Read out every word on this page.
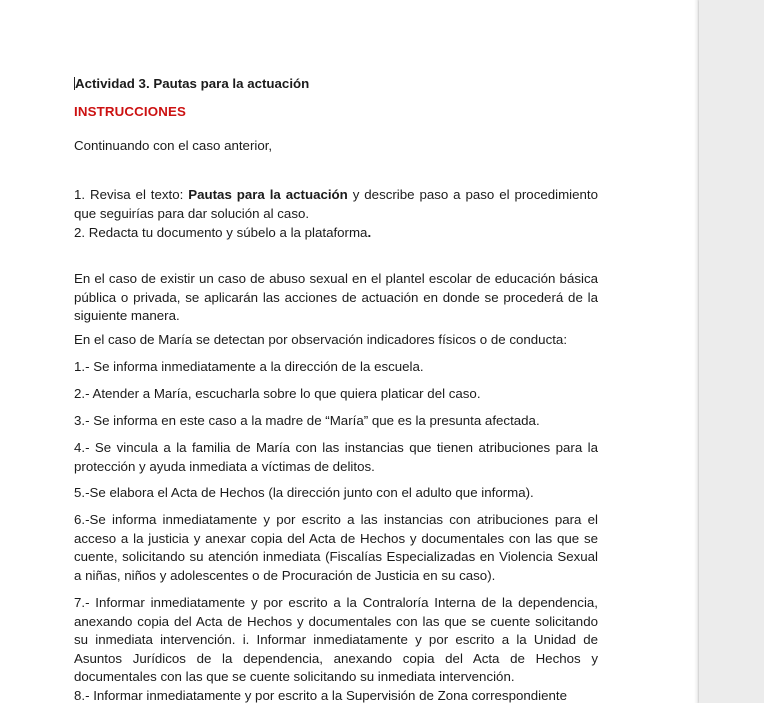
Actividad 3. Pautas para la actuación

INSTRUCCIONES

Continuando con el caso anterior,

1. Revisa el texto: Pautas para la actuación y describe paso a paso el procedimiento que seguirías para dar solución al caso.

2. Redacta tu documento y súbelo a la plataforma.

En el caso de existir un caso de abuso sexual en el plantel escolar de educación básica pública o privada, se aplicarán las acciones de actuación en donde se procederá de la siguiente manera.

En el caso de María se detectan por observación indicadores físicos o de conducta:

1.- Se informa inmediatamente a la dirección de la escuela.

2.- Atender a María, escucharla sobre lo que quiera platicar del caso.

3.- Se informa en este caso a la madre de “María” que es la presunta afectada.

4.- Se vincula a la familia de María con las instancias que tienen atribuciones para la protección y ayuda inmediata a víctimas de delitos.

5.-Se elabora el Acta de Hechos (la dirección junto con el adulto que informa).

6.-Se informa inmediatamente y por escrito a las instancias con atribuciones para el acceso a la justicia y anexar copia del Acta de Hechos y documentales con las que se cuente, solicitando su atención inmediata (Fiscalías Especializadas en Violencia Sexual a niñas, niños y adolescentes o de Procuración de Justicia en su caso).

7.- Informar inmediatamente y por escrito a la Contraloría Interna de la dependencia, anexando copia del Acta de Hechos y documentales con las que se cuente solicitando su inmediata intervención. i. Informar inmediatamente y por escrito a la Unidad de Asuntos Jurídicos de la dependencia, anexando copia del Acta de Hechos y documentales con las que se cuente solicitando su inmediata intervención.

8.- Informar inmediatamente y por escrito a la Supervisión de Zona correspondiente
